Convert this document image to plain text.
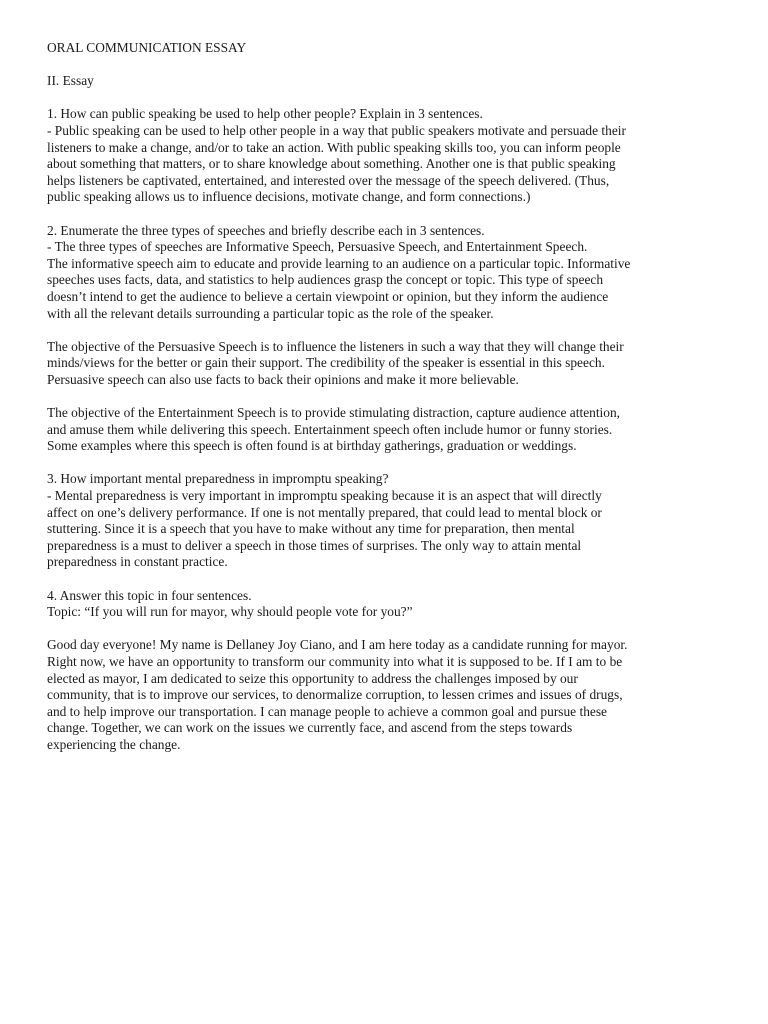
ORAL COMMUNICATION ESSAY
II. Essay
1. How can public speaking be used to help other people? Explain in 3 sentences.
- Public speaking can be used to help other people in a way that public speakers motivate and persuade their
listeners to make a change, and/or to take an action. With public speaking skills too, you can inform people
about something that matters, or to share knowledge about something. Another one is that public speaking
helps listeners be captivated, entertained, and interested over the message of the speech delivered. (Thus,
public speaking allows us to influence decisions, motivate change, and form connections.)
2. Enumerate the three types of speeches and briefly describe each in 3 sentences.
- The three types of speeches are Informative Speech, Persuasive Speech, and Entertainment Speech.
The informative speech aim to educate and provide learning to an audience on a particular topic. Informative
speeches uses facts, data, and statistics to help audiences grasp the concept or topic. This type of speech
doesn’t intend to get the audience to believe a certain viewpoint or opinion, but they inform the audience
with all the relevant details surrounding a particular topic as the role of the speaker.
The objective of the Persuasive Speech is to influence the listeners in such a way that they will change their
minds/views for the better or gain their support. The credibility of the speaker is essential in this speech.
Persuasive speech can also use facts to back their opinions and make it more believable.
The objective of the Entertainment Speech is to provide stimulating distraction, capture audience attention,
and amuse them while delivering this speech. Entertainment speech often include humor or funny stories.
Some examples where this speech is often found is at birthday gatherings, graduation or weddings.
3. How important mental preparedness in impromptu speaking?
- Mental preparedness is very important in impromptu speaking because it is an aspect that will directly
affect on one’s delivery performance. If one is not mentally prepared, that could lead to mental block or
stuttering. Since it is a speech that you have to make without any time for preparation, then mental
preparedness is a must to deliver a speech in those times of surprises. The only way to attain mental
preparedness in constant practice.
4. Answer this topic in four sentences.
Topic: “If you will run for mayor, why should people vote for you?”
Good day everyone! My name is Dellaney Joy Ciano, and I am here today as a candidate running for mayor.
Right now, we have an opportunity to transform our community into what it is supposed to be. If I am to be
elected as mayor, I am dedicated to seize this opportunity to address the challenges imposed by our
community, that is to improve our services, to denormalize corruption, to lessen crimes and issues of drugs,
and to help improve our transportation. I can manage people to achieve a common goal and pursue these
change. Together, we can work on the issues we currently face, and ascend from the steps towards
experiencing the change.
